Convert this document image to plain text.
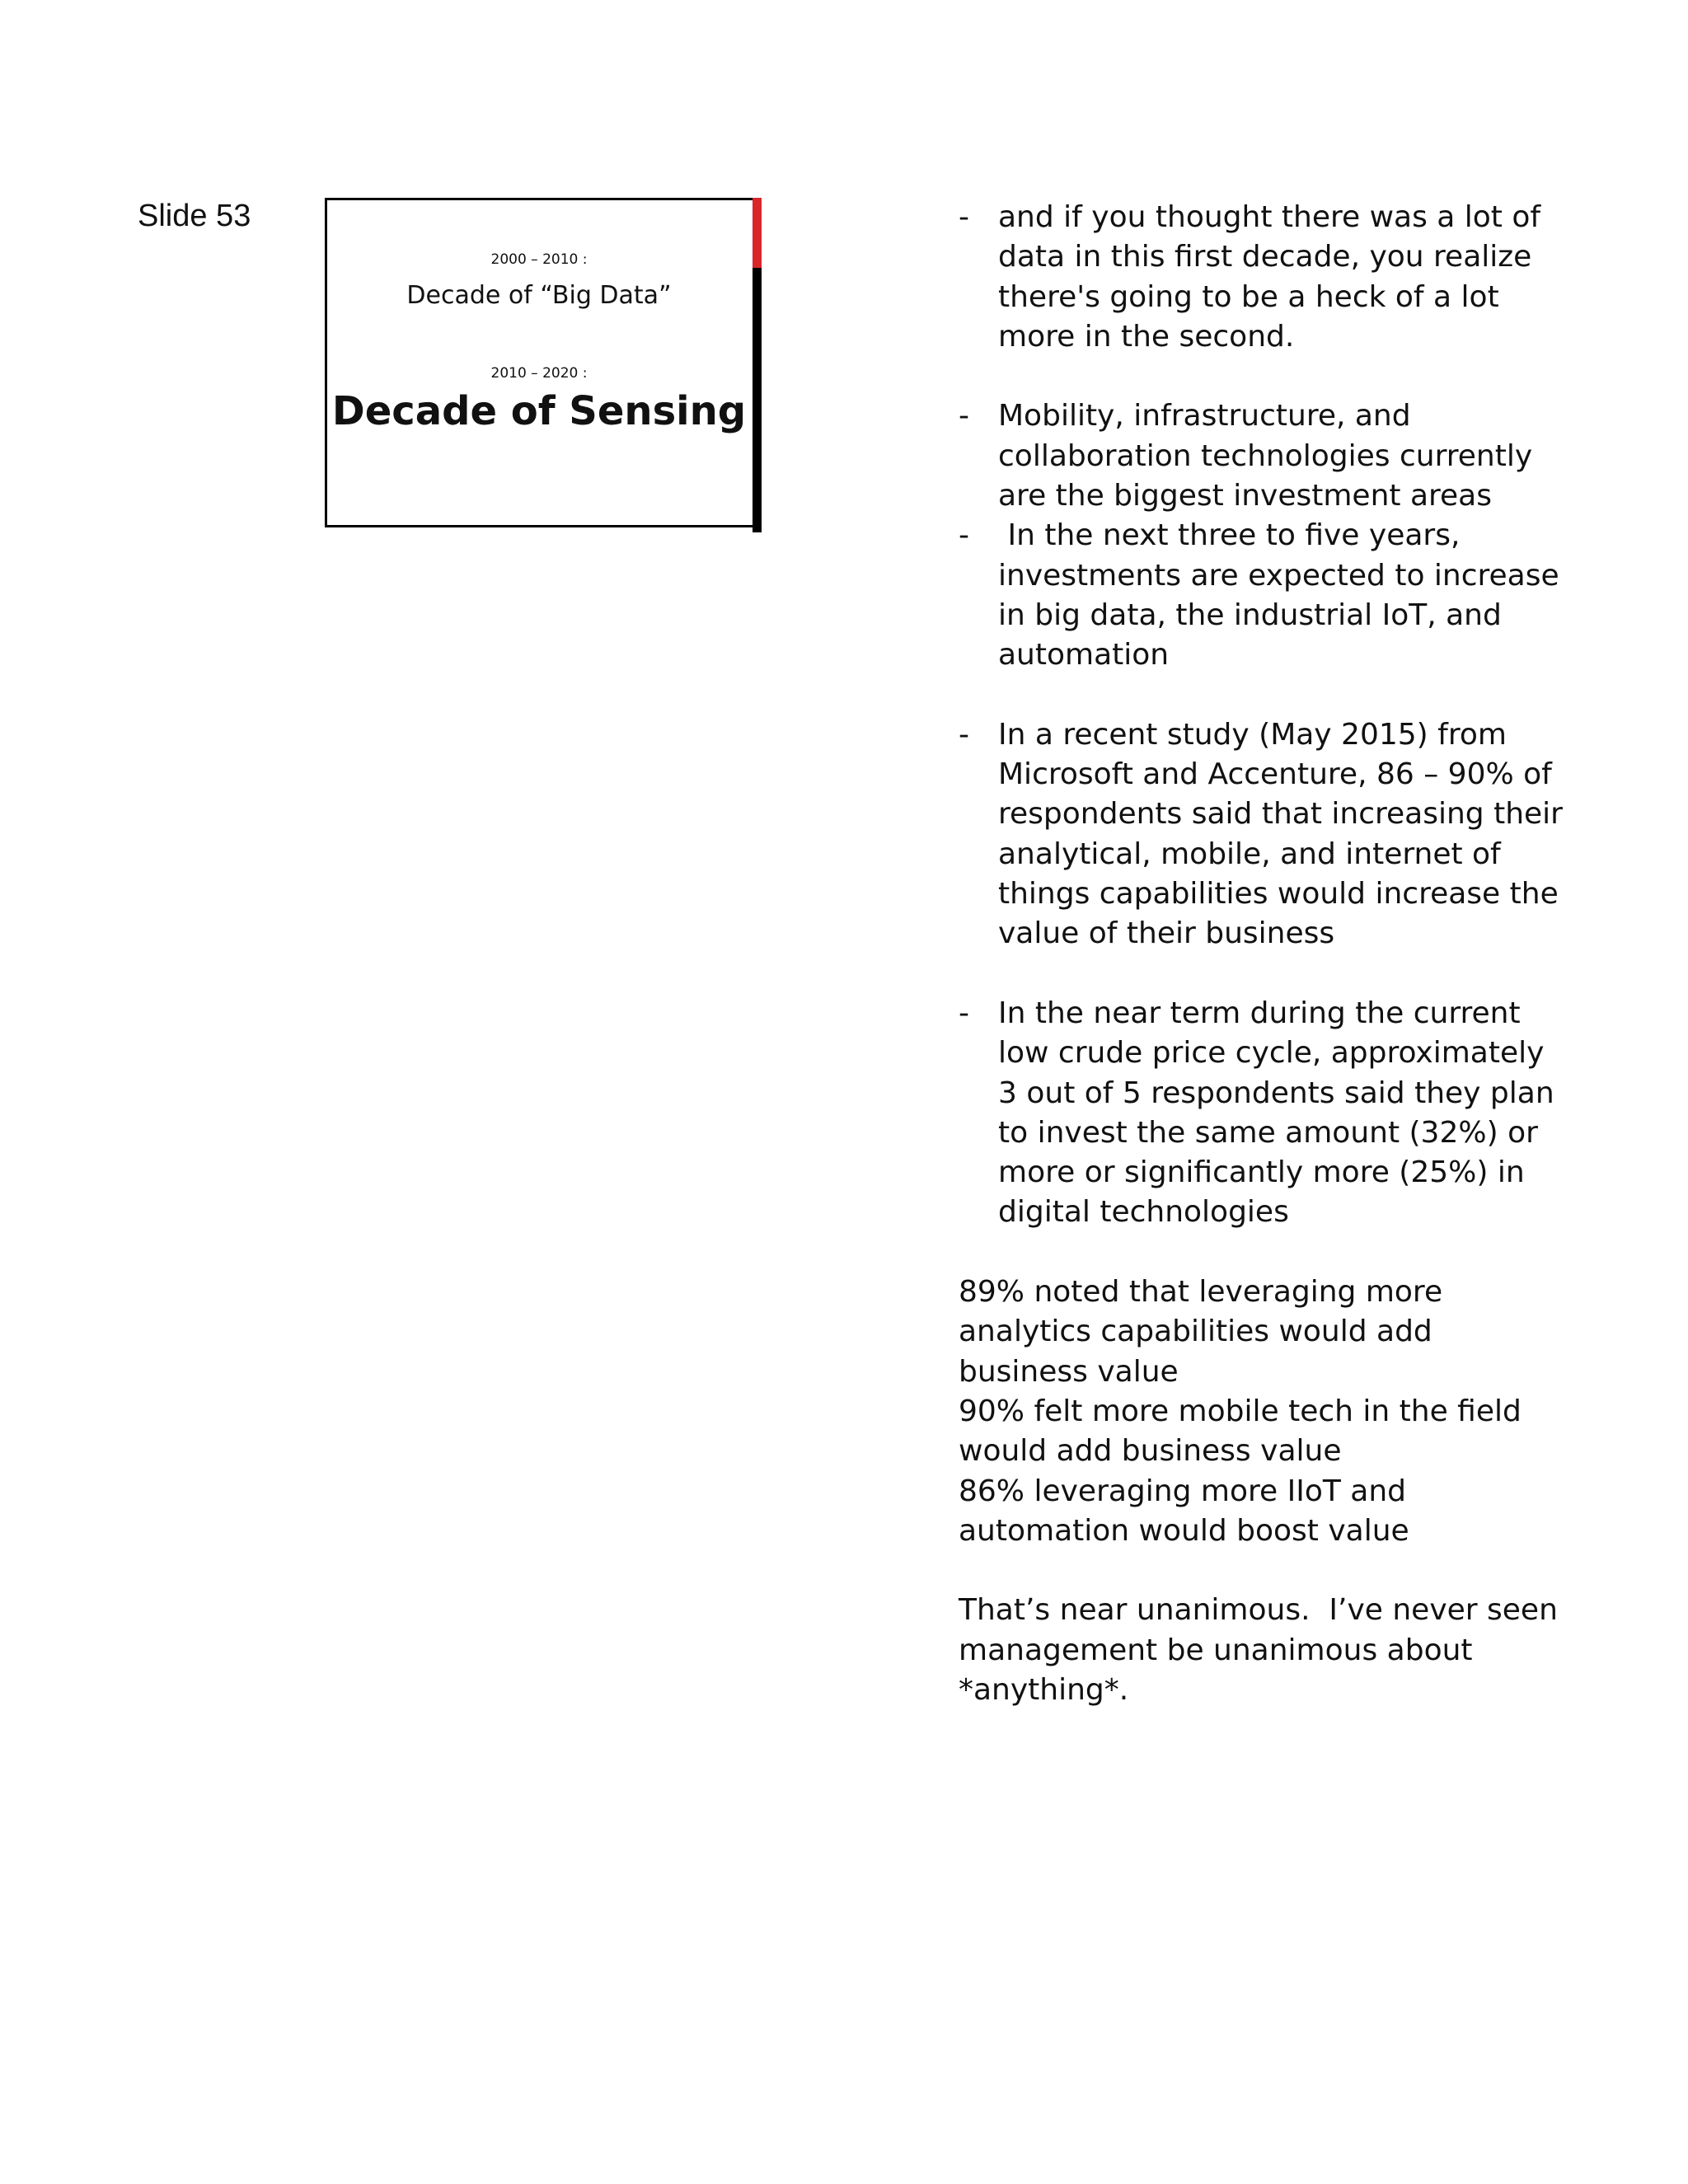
Slide 53
2000 – 2010 :
Decade of “Big Data”
2010 – 2020 :
Decade of Sensing
- and if you thought there was a lot of data in this first decade, you realize there's going to be a heck of a lot more in the second.
- Mobility, infrastructure, and collaboration technologies currently are the biggest investment areas
- In the next three to five years, investments are expected to increase in big data, the industrial IoT, and automation
- In a recent study (May 2015) from Microsoft and Accenture, 86 – 90% of respondents said that increasing their analytical, mobile, and internet of things capabilities would increase the value of their business
- In the near term during the current low crude price cycle, approximately 3 out of 5 respondents said they plan to invest the same amount (32%) or more or significantly more (25%) in digital technologies
89% noted that leveraging more analytics capabilities would add business value
90% felt more mobile tech in the field would add business value
86% leveraging more IIoT and automation would boost value
That’s near unanimous.  I’ve never seen management be unanimous about *anything*.
